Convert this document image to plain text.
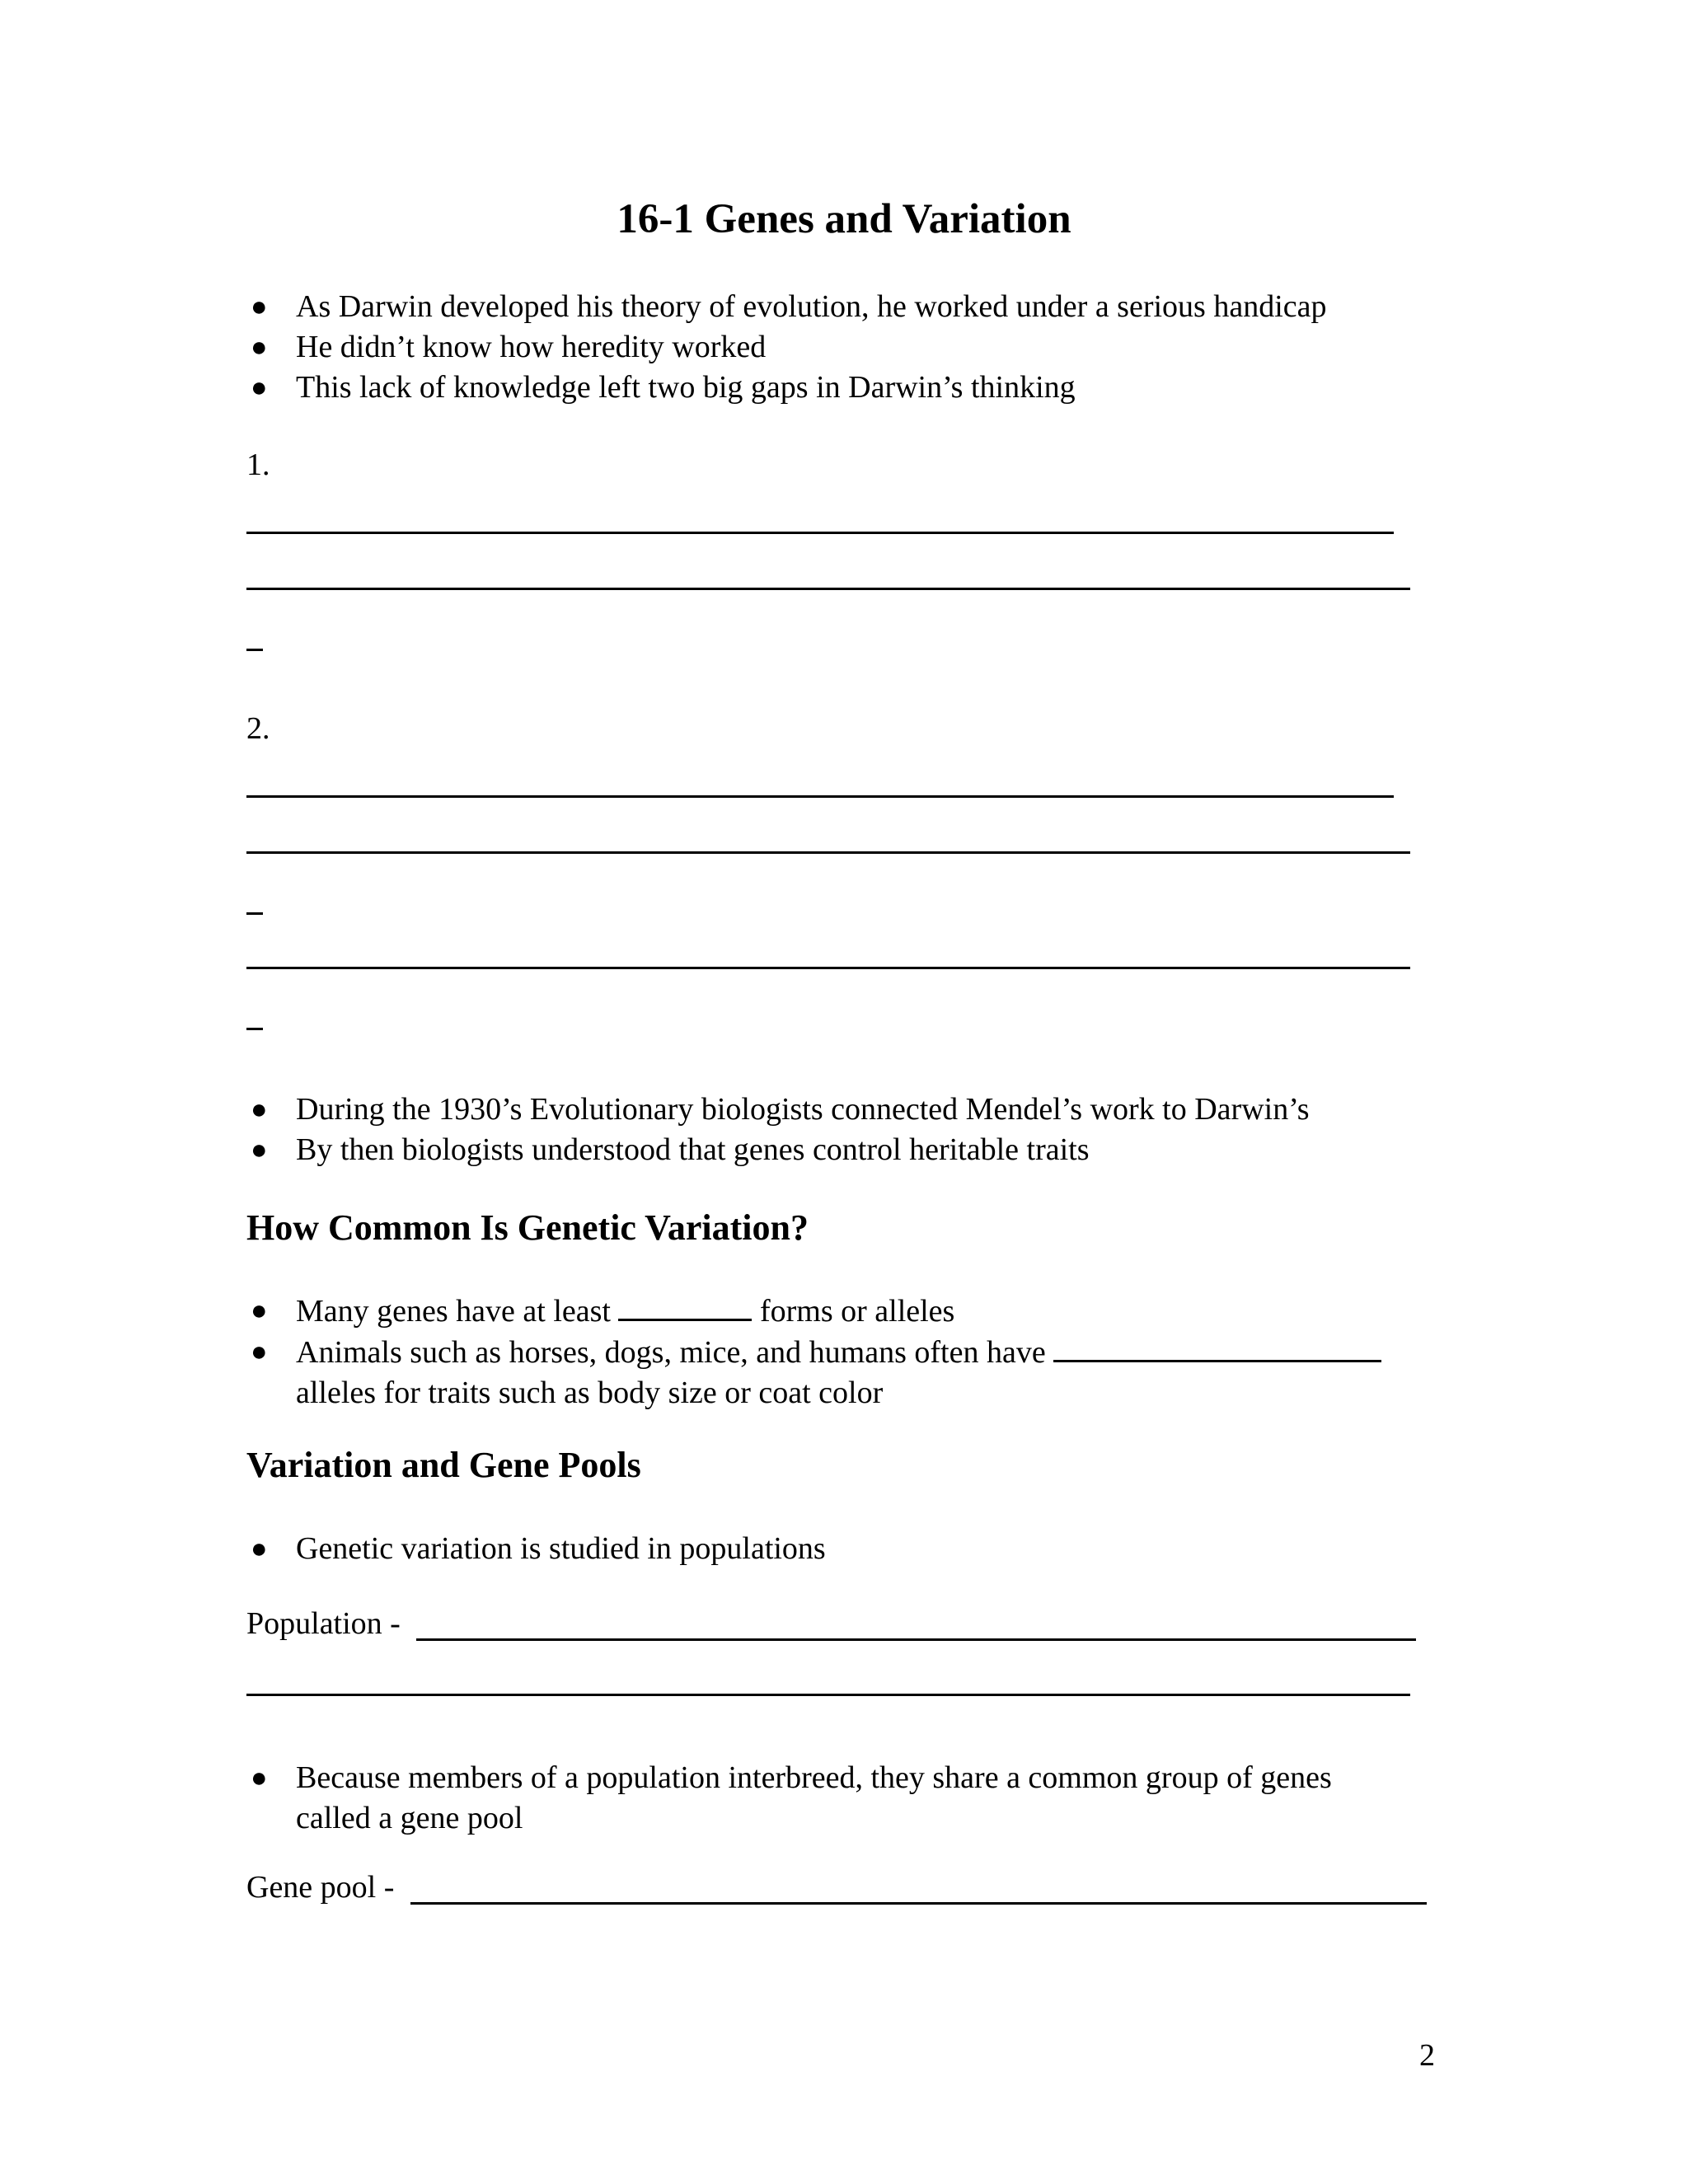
16-1 Genes and Variation
● As Darwin developed his theory of evolution, he worked under a serious handicap
● He didn’t know how heredity worked
● This lack of knowledge left two big gaps in Darwin’s thinking
1.
2.
● During the 1930’s Evolutionary biologists connected Mendel’s work to Darwin’s
● By then biologists understood that genes control heritable traits
How Common Is Genetic Variation?
● Many genes have at least	forms or alleles
● Animals such as horses, dogs, mice, and humans often have
alleles for traits such as body size or coat color
Variation and Gene Pools
● Genetic variation is studied in populations
Population -
● Because members of a population interbreed, they share a common group of genes
called a gene pool
Gene pool -
2
